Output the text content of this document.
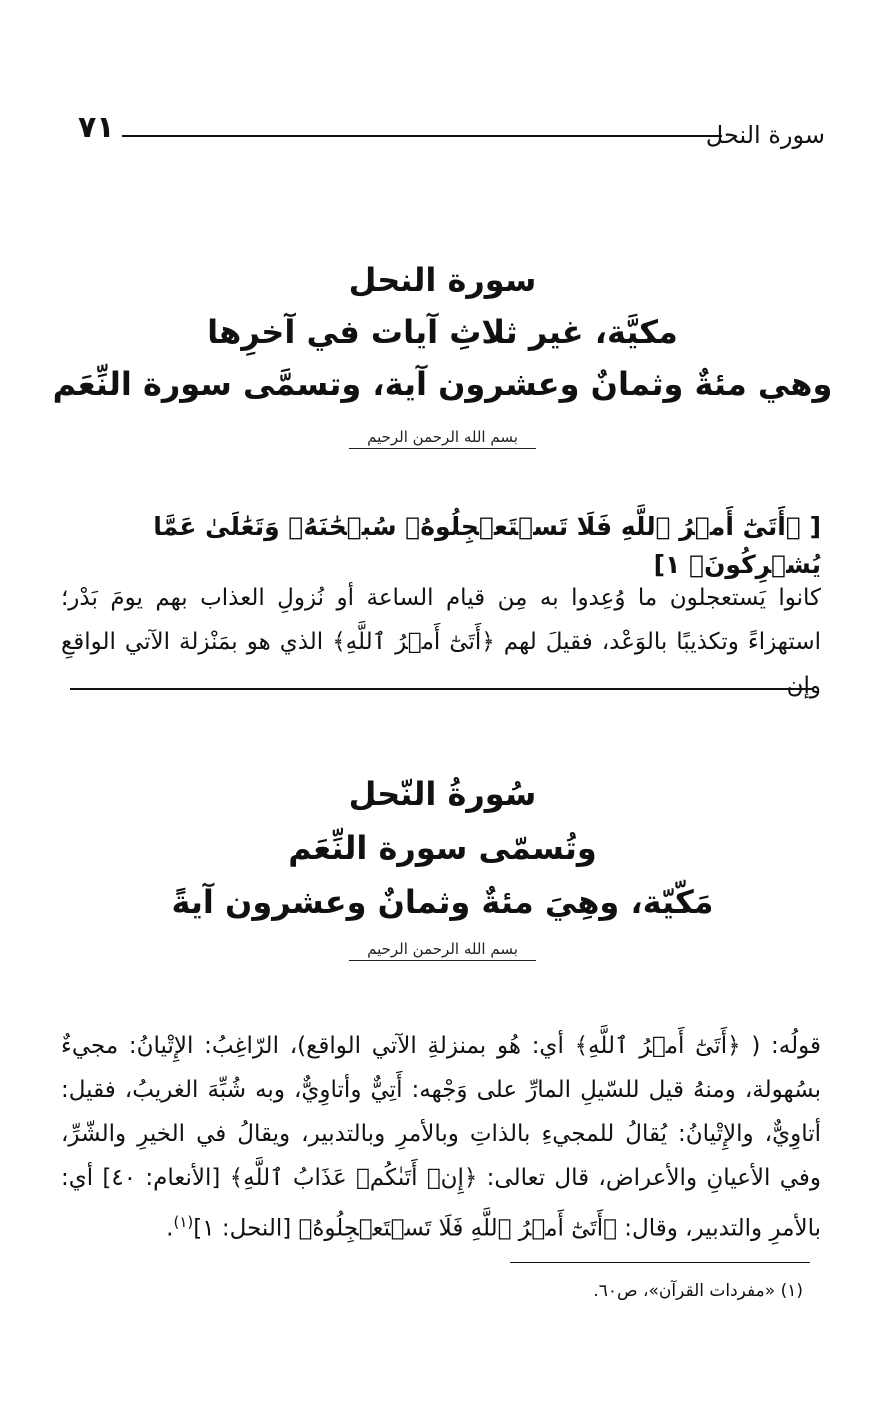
٧١	سورة النحل
سورة النحل
مكيَّة، غير ثلاثِ آيات في آخرِها
وهي مئةٌ وثمانٌ وعشرون آية، وتسمَّى سورة النِّعَم
بسم الله الرحمن الرحيم
[ ﴿أَتَىٰٓ أَمۡرُ ٱللَّهِ فَلَا تَسۡتَعۡجِلُوهُۚ سُبۡحَٰنَهُۥ وَتَعَٰلَىٰ عَمَّا يُشۡرِكُونَ﴾ ١]
كانوا يَستعجلون ما وُعِدوا به مِن قيام الساعة أو نُزولِ العذاب بهم يومَ بَدْر؛ استهزاءً وتكذيبًا بالوَعْد، فقيلَ لهم ﴿أَتَىٰٓ أَمۡرُ ٱللَّهِ﴾ الذي هو بمَنْزلة الآتي الواقعِ وإن
سُورةُ النّحل
وتُسمّى سورة النِّعَم
مَكّيّة، وهِيَ مئةٌ وثمانٌ وعشرون آيةً
بسم الله الرحمن الرحيم
قولُه: ( ﴿أَتَىٰٓ أَمۡرُ ٱللَّهِ﴾ أي: هُو بمنزلةِ الآتي الواقع)، الرّاغِبُ: الإِتْيانُ: مجيءٌ بسُهولة، ومنهُ قيل للسّيلِ المارِّ على وَجْهه: أَتِيٌّ وأتاوِيٌّ، وبه شُبِّهَ الغريبُ، فقيل: أتاوِيٌّ، والإِتْيانُ: يُقالُ للمجيءِ بالذاتِ وبالأمرِ وبالتدبير، ويقالُ في الخيرِ والشّرِّ، وفي الأعيانِ والأعراض، قال تعالى: ﴿إِنۡ أَتَىٰكُمۡ عَذَابُ ٱللَّهِ﴾ [الأنعام: ٤٠] أي: بالأمرِ والتدبير، وقال: ﴿أَتَىٰٓ أَمۡرُ ٱللَّهِ فَلَا تَسۡتَعۡجِلُوهُ﴾ [النحل: ١]$^{(١)}$.
(١) «مفردات القرآن»، ص٦٠.
